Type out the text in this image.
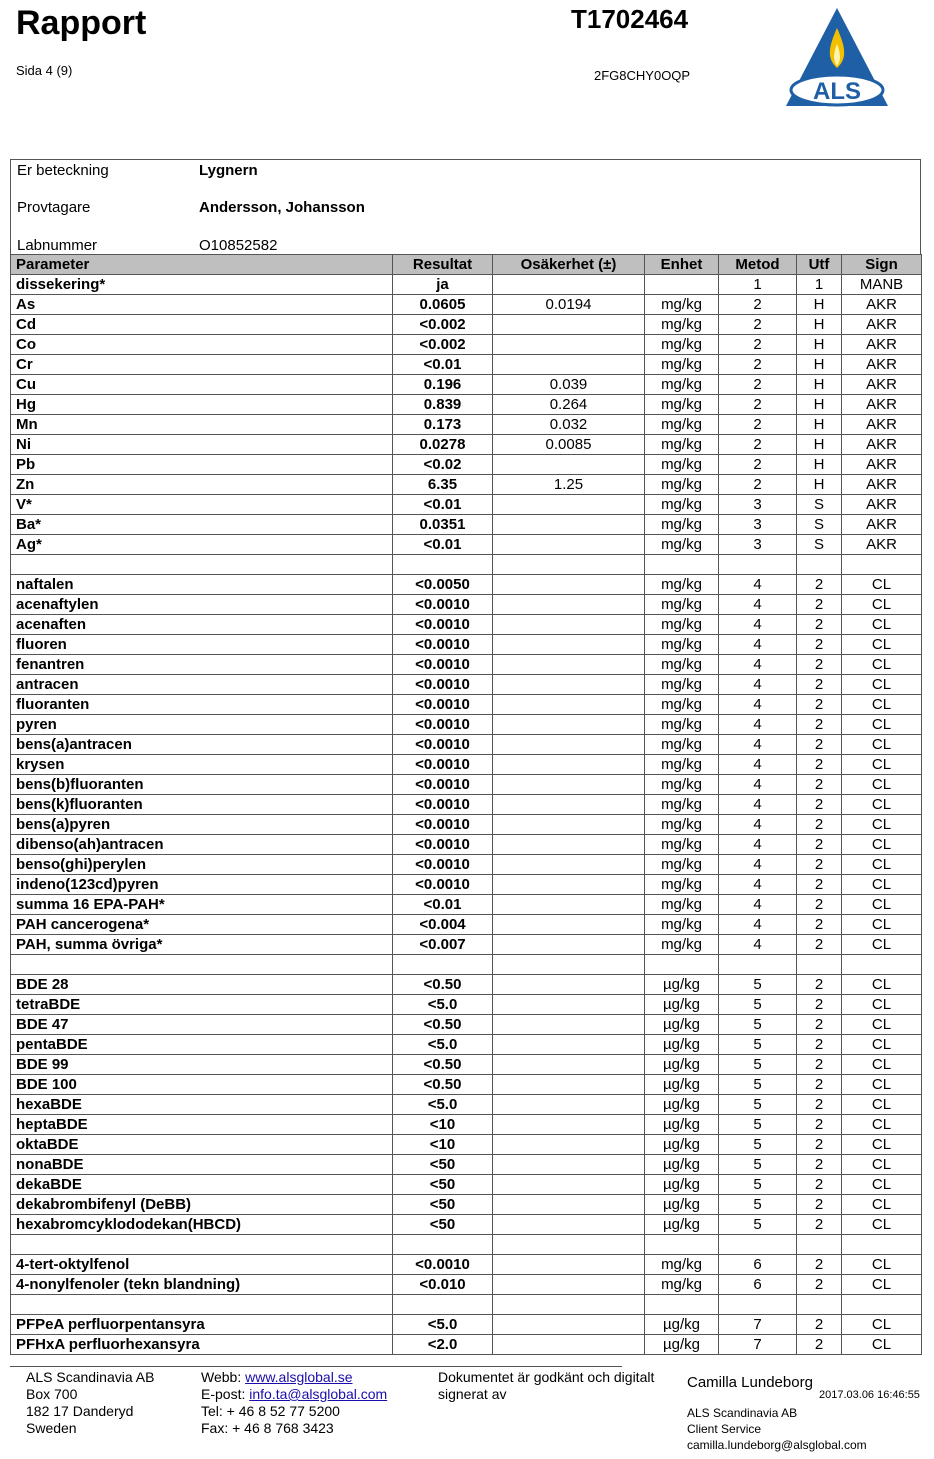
Rapport
Sida 4 (9)
T1702464
2FG8CHY0OQP
ALS
Er beteckning	Lygnern
Provtagare	Andersson, Johansson
Labnummer	O10852582
Parameter	Resultat	Osäkerhet (±)	Enhet	Metod	Utf	Sign
dissekering*	ja			1	1	MANB
As	0.0605	0.0194	mg/kg	2	H	AKR
Cd	<0.002		mg/kg	2	H	AKR
Co	<0.002		mg/kg	2	H	AKR
Cr	<0.01		mg/kg	2	H	AKR
Cu	0.196	0.039	mg/kg	2	H	AKR
Hg	0.839	0.264	mg/kg	2	H	AKR
Mn	0.173	0.032	mg/kg	2	H	AKR
Ni	0.0278	0.0085	mg/kg	2	H	AKR
Pb	<0.02		mg/kg	2	H	AKR
Zn	6.35	1.25	mg/kg	2	H	AKR
V*	<0.01		mg/kg	3	S	AKR
Ba*	0.0351		mg/kg	3	S	AKR
Ag*	<0.01		mg/kg	3	S	AKR

naftalen	<0.0050		mg/kg	4	2	CL
acenaftylen	<0.0010		mg/kg	4	2	CL
acenaften	<0.0010		mg/kg	4	2	CL
fluoren	<0.0010		mg/kg	4	2	CL
fenantren	<0.0010		mg/kg	4	2	CL
antracen	<0.0010		mg/kg	4	2	CL
fluoranten	<0.0010		mg/kg	4	2	CL
pyren	<0.0010		mg/kg	4	2	CL
bens(a)antracen	<0.0010		mg/kg	4	2	CL
krysen	<0.0010		mg/kg	4	2	CL
bens(b)fluoranten	<0.0010		mg/kg	4	2	CL
bens(k)fluoranten	<0.0010		mg/kg	4	2	CL
bens(a)pyren	<0.0010		mg/kg	4	2	CL
dibenso(ah)antracen	<0.0010		mg/kg	4	2	CL
benso(ghi)perylen	<0.0010		mg/kg	4	2	CL
indeno(123cd)pyren	<0.0010		mg/kg	4	2	CL
summa 16 EPA-PAH*	<0.01		mg/kg	4	2	CL
PAH cancerogena*	<0.004		mg/kg	4	2	CL
PAH, summa övriga*	<0.007		mg/kg	4	2	CL

BDE 28	<0.50		µg/kg	5	2	CL
tetraBDE	<5.0		µg/kg	5	2	CL
BDE 47	<0.50		µg/kg	5	2	CL
pentaBDE	<5.0		µg/kg	5	2	CL
BDE 99	<0.50		µg/kg	5	2	CL
BDE 100	<0.50		µg/kg	5	2	CL
hexaBDE	<5.0		µg/kg	5	2	CL
heptaBDE	<10		µg/kg	5	2	CL
oktaBDE	<10		µg/kg	5	2	CL
nonaBDE	<50		µg/kg	5	2	CL
dekaBDE	<50		µg/kg	5	2	CL
dekabrombifenyl (DeBB)	<50		µg/kg	5	2	CL
hexabromcyklododekan(HBCD)	<50		µg/kg	5	2	CL

4-tert-oktylfenol	<0.0010		mg/kg	6	2	CL
4-nonylfenoler (tekn blandning)	<0.010		mg/kg	6	2	CL

PFPeA perfluorpentansyra	<5.0		µg/kg	7	2	CL
PFHxA perfluorhexansyra	<2.0		µg/kg	7	2	CL
ALS Scandinavia AB
Box 700
182 17 Danderyd
Sweden
Webb: www.alsglobal.se
E-post: info.ta@alsglobal.com
Tel: + 46 8 52 77 5200
Fax: + 46 8 768 3423
Dokumentet är godkänt och digitalt
signerat av
Camilla Lundeborg
2017.03.06 16:46:55
ALS Scandinavia AB
Client Service
camilla.lundeborg@alsglobal.com
